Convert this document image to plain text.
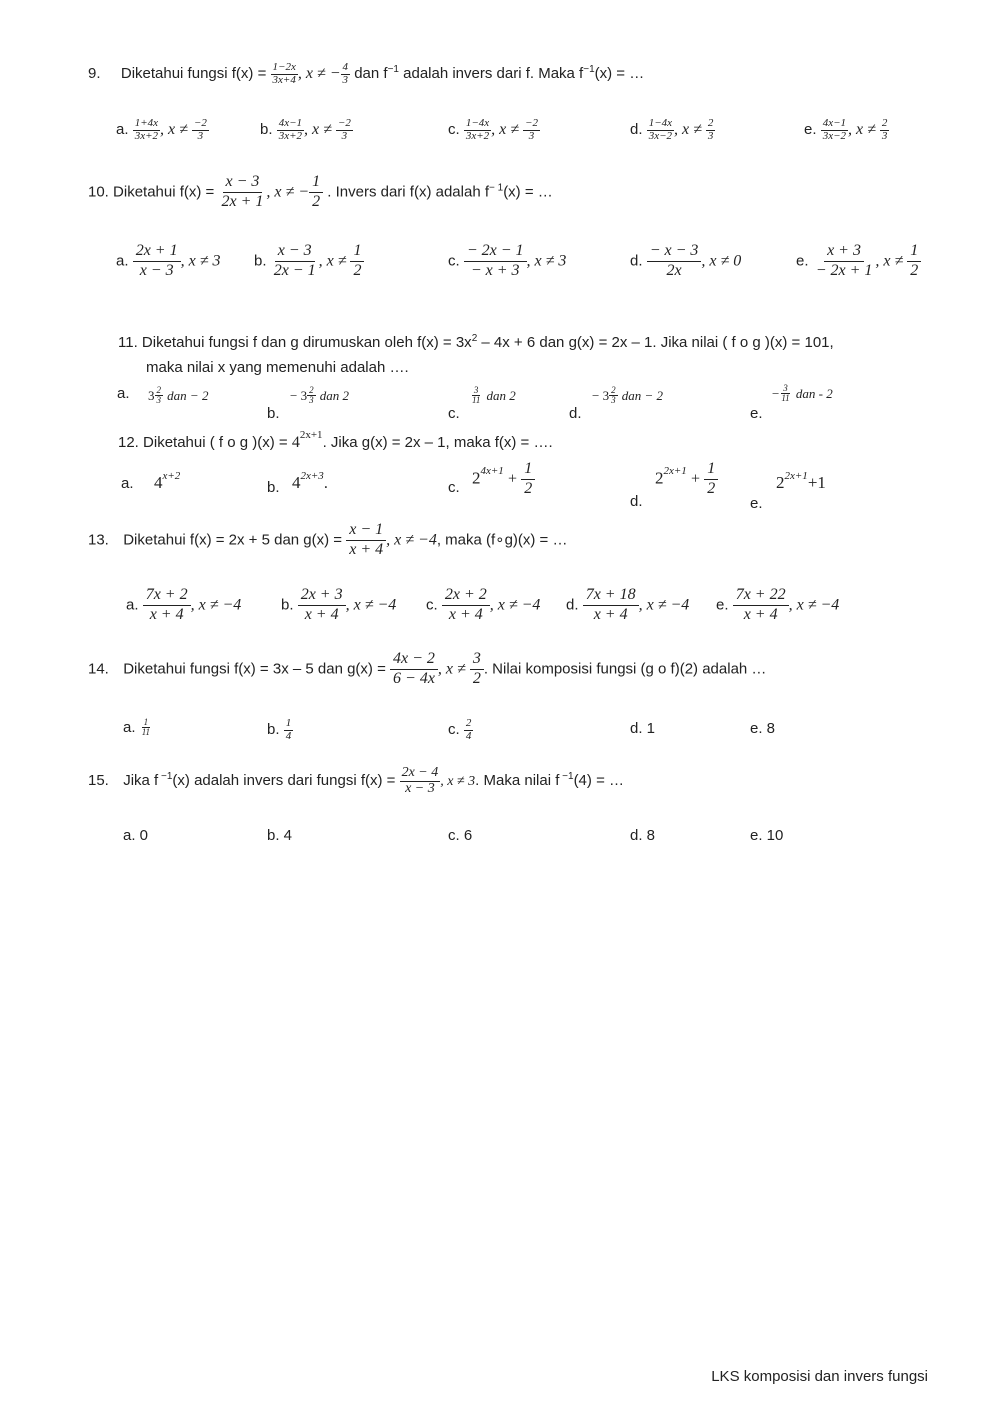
9. Diketahui fungsi $f(x) = \frac{1-2x}{3x+4}$ , x ≠ − $\frac{4}{3}$ dan $f^{-1}$ adalah invers dari f. Maka $f^{-1}(x)$ = …
a. $\frac{1+4x}{3x+2}$ , $x \ne \frac{-2}{3}$	b. $\frac{4x-1}{3x+2}$ , $x \ne \frac{-2}{3}$	c. $\frac{1-4x}{3x+2}$ , $x \ne \frac{-2}{3}$	d. $\frac{1-4x}{3x-2}$ , $x \ne \frac{2}{3}$	e. $\frac{4x-1}{3x-2}$ , $x \ne \frac{2}{3}$
10. Diketahui $f(x) = \frac{x - 3}{2x + 1}$ , x ≠ − $\frac{1}{2}$ . Invers dari f(x) adalah $f^{- 1}(x)$ = …
a. $\frac{2x + 1}{x - 3}$ , x ≠ 3 b. $\frac{x - 3}{2x - 1}$ , $x \ne \frac{1}{2}$	c. $\frac{- 2x - 1}{- x + 3}$ , x ≠ 3	d. $\frac{- x - 3}{2x}$ , x ≠ 0	e. $\frac{x + 3}{- 2x + 1}$ , $x \ne \frac{1}{2}$
11. Diketahui fungsi f dan g dirumuskan oleh $f(x) = 3x^2 - 4x + 6$ dan g(x) = 2x – 1. Jika nilai ( f o g )(x) = 101,
maka nilai x yang memenuhi adalah ….
a. $3 \frac{2}{3}$ dan − 2
b.
− $3 \frac{2}{3}$ dan 2
c.
$\frac{3}{11}$ dan 2
d.
− $3 \frac{2}{3}$ dan − 2
e.
− $\frac{3}{11}$ dan - 2
12. Diketahui ( f o g )$(x) = 4^{2x+1}$. Jika g(x) = 2x – 1, maka f(x) = ….
a. $4^{x+2}$
b. $4^{2x+3}$.	c.
$2^{4x+1} + \frac{1}{2}$
d.
$2^{2x+1} + \frac{1}{2}$
e.
$2^{2x+1}+1$
13. Diketahui f(x) = 2x + 5 dan $g(x) = \frac{x - 1}{x + 4}$ , x ≠ −4, maka (f∘g)(x) = …
a. $\frac{7x + 2}{x + 4}$ , x ≠ −4	b. $\frac{2x + 3}{x + 4}$ , x ≠ −4 c. $\frac{2x + 2}{x + 4}$ , x ≠ −4 d. $\frac{7x + 18}{x + 4}$ , x ≠ −4 e. $\frac{7x + 22}{x + 4}$ , x ≠ −4
14. Diketahui fungsi f(x) = 3x – 5 dan $g(x) = \frac{4x - 2}{6 - 4x}$ , $x \ne \frac{3}{2}$ . Nilai komposisi fungsi (g o f)(2) adalah …
a. $\frac{1}{11}$	b. $\frac{1}{4}$	c. $\frac{2}{4}$	d. 1	e. 8
15. Jika f $^{-1}$(x) adalah invers dari fungsi $f(x) = \frac{2x - 4}{x - 3}$ , x ≠ 3. Maka nilai f $^{-1}$(4) = …
a. 0	b. 4	c. 6	d. 8	e. 10
LKS komposisi dan invers fungsi
